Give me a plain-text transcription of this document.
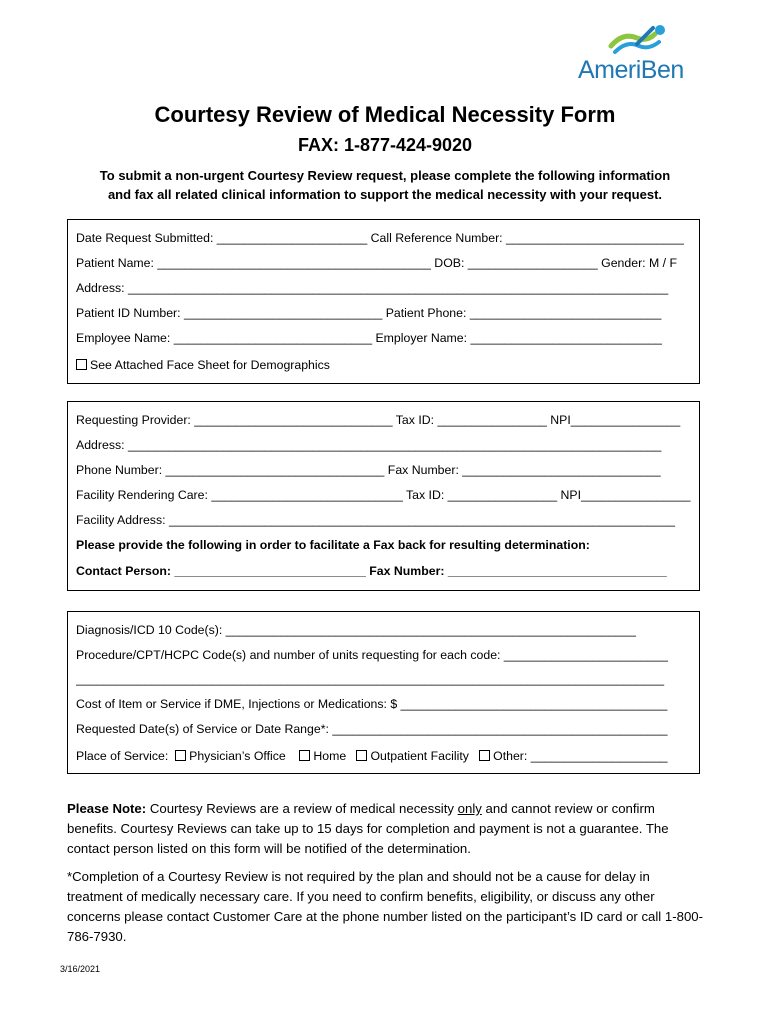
AmeriBen
Courtesy Review of Medical Necessity Form
FAX: 1-877-424-9020
To submit a non-urgent Courtesy Review request, please complete the following information
and fax all related clinical information to support the medical necessity with your request.
Date Request Submitted: ______________________ Call Reference Number: __________________________
Patient Name: ________________________________________ DOB: ___________________ Gender: M / F
Address: _______________________________________________________________________________
Patient ID Number: _____________________________ Patient Phone: ____________________________
Employee Name: _____________________________ Employer Name: ____________________________
See Attached Face Sheet for Demographics
Requesting Provider: _____________________________ Tax ID: ________________ NPI________________
Address: ______________________________________________________________________________
Phone Number: ________________________________ Fax Number: _____________________________
Facility Rendering Care: ____________________________ Tax ID: ________________ NPI________________
Facility Address: __________________________________________________________________________
Please provide the following in order to facilitate a Fax back for resulting determination:
Contact Person: ____________________________ Fax Number: ________________________________
Diagnosis/ICD 10 Code(s): ____________________________________________________________
Procedure/CPT/HCPC Code(s) and number of units requesting for each code: ________________________
______________________________________________________________________________________
Cost of Item or Service if DME, Injections or Medications: $ _______________________________________
Requested Date(s) of Service or Date Range*: _________________________________________________
Place of Service: Physician’s Office Home Outpatient Facility Other: ____________________
Please Note: Courtesy Reviews are a review of medical necessity only and cannot review or confirm benefits. Courtesy Reviews can take up to 15 days for completion and payment is not a guarantee. The contact person listed on this form will be notified of the determination.
*Completion of a Courtesy Review is not required by the plan and should not be a cause for delay in treatment of medically necessary care. If you need to confirm benefits, eligibility, or discuss any other concerns please contact Customer Care at the phone number listed on the participant’s ID card or call 1-800-786-7930.
3/16/2021
